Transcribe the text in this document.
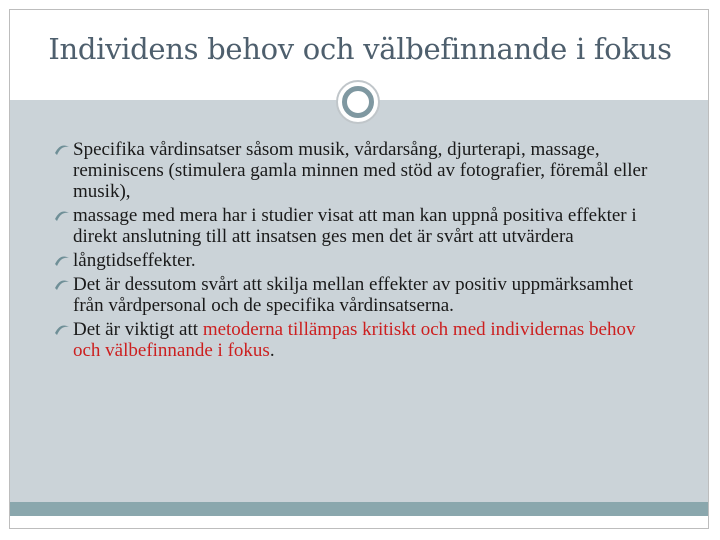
Individens behov och välbefinnande i fokus
Specifika vårdinsatser såsom musik, vårdarsång, djurterapi, massage, reminiscens (stimulera gamla minnen med stöd av fotografier, föremål eller musik),
massage med mera har i studier visat att man kan uppnå positiva effekter i direkt anslutning till att insatsen ges men det är svårt att utvärdera
långtidseffekter.
Det är dessutom svårt att skilja mellan effekter av positiv uppmärksamhet från vårdpersonal och de specifika vårdinsatserna.
Det är viktigt att metoderna tillämpas kritiskt och med individernas behov och välbefinnande i fokus.
